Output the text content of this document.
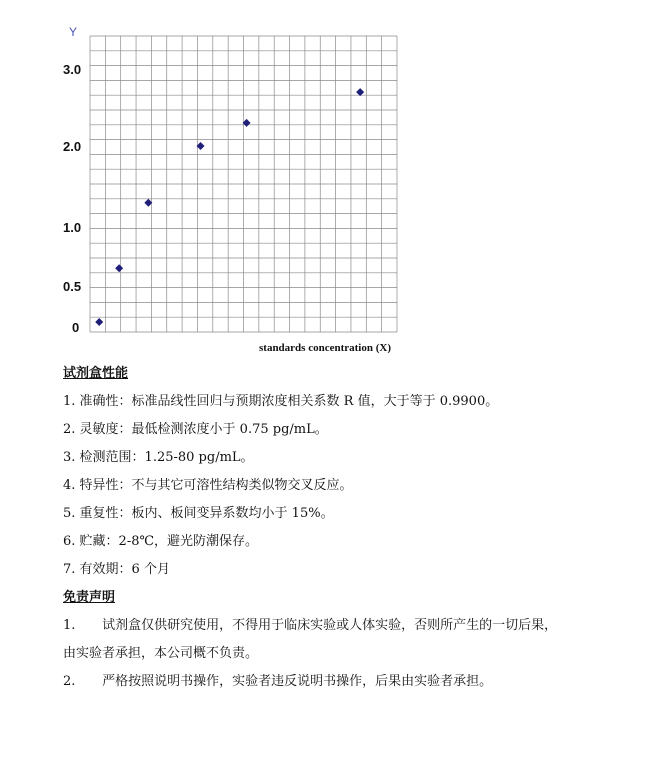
Y
3.0
2.0
1.0
0.5
0
standards concentration (X)
试剂盒性能
1. 准确性：标准品线性回归与预期浓度相关系数 R 值，大于等于 0.9900。
2. 灵敏度：最低检测浓度小于 0.75 pg/mL。
3. 检测范围：1.25-80 pg/mL。
4. 特异性：不与其它可溶性结构类似物交叉反应。
5. 重复性：板内、板间变异系数均小于 15%。
6. 贮藏：2-8℃，避光防潮保存。
7. 有效期：6 个月
免责声明
1. 试剂盒仅供研究使用，不得用于临床实验或人体实验，否则所产生的一切后果，
由实验者承担，本公司概不负责。
2. 严格按照说明书操作，实验者违反说明书操作，后果由实验者承担。
